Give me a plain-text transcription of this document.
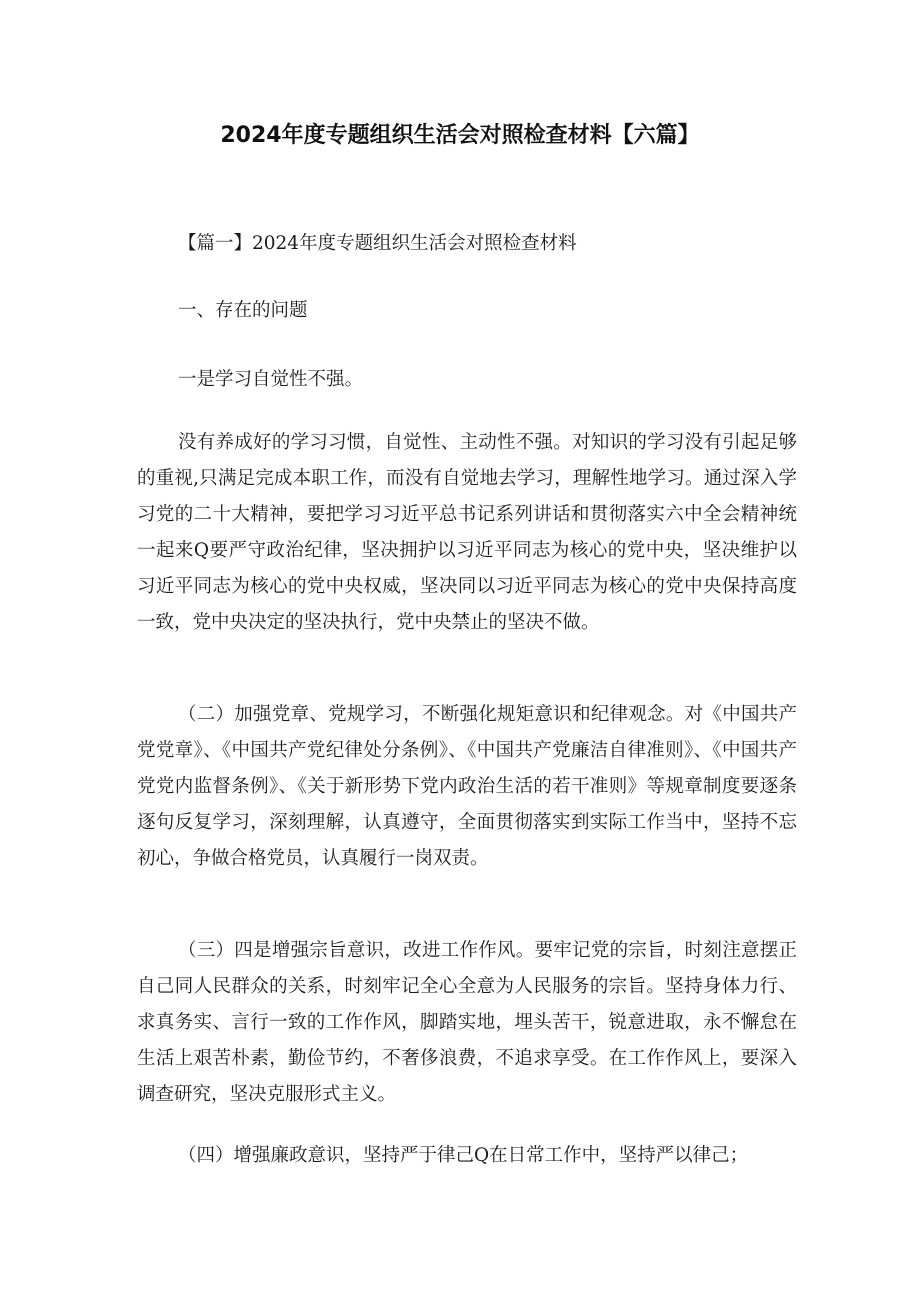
2024年度专题组织生活会对照检查材料【六篇】

【篇一】2024年度专题组织生活会对照检查材料

一、存在的问题

一是学习自觉性不强。

没有养成好的学习习惯，自觉性、主动性不强。对知识的学习没有引起足够的重视,只满足完成本职工作，而没有自觉地去学习，理解性地学习。通过深入学习党的二十大精神，要把学习习近平总书记系列讲话和贯彻落实六中全会精神统一起来Q要严守政治纪律，坚决拥护以习近平同志为核心的党中央，坚决维护以习近平同志为核心的党中央权威，坚决同以习近平同志为核心的党中央保持高度一致，党中央决定的坚决执行，党中央禁止的坚决不做。

（二）加强党章、党规学习，不断强化规矩意识和纪律观念。对《中国共产党党章》、《中国共产党纪律处分条例》、《中国共产党廉洁自律准则》、《中国共产党党内监督条例》、《关于新形势下党内政治生活的若干准则》等规章制度要逐条逐句反复学习，深刻理解，认真遵守，全面贯彻落实到实际工作当中，坚持不忘初心，争做合格党员，认真履行一岗双责。

（三）四是增强宗旨意识，改进工作作风。要牢记党的宗旨，时刻注意摆正自己同人民群众的关系，时刻牢记全心全意为人民服务的宗旨。坚持身体力行、求真务实、言行一致的工作作风，脚踏实地，埋头苦干，锐意进取，永不懈怠在生活上艰苦朴素，勤俭节约，不奢侈浪费，不追求享受。在工作作风上，要深入调查研究，坚决克服形式主义。

（四）增强廉政意识，坚持严于律己Q在日常工作中，坚持严以律己；
